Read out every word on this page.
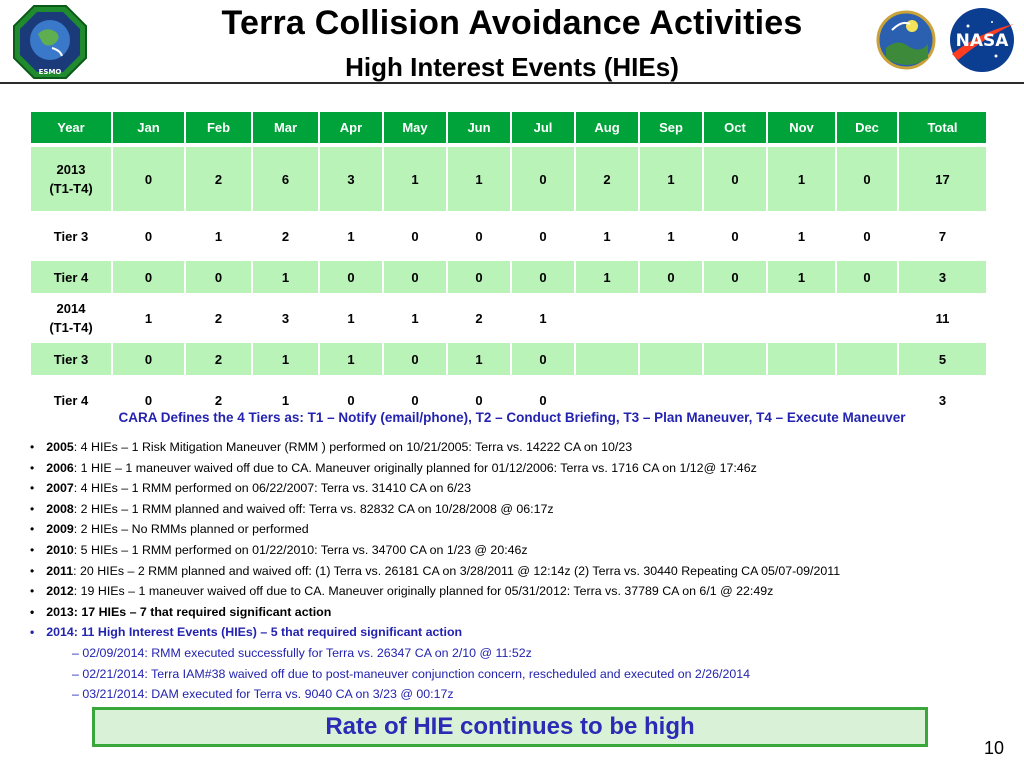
ESMO
Terra Collision Avoidance Activities
High Interest Events (HIEs)
NASA
Year	Jan	Feb	Mar	Apr	May	Jun	Jul	Aug	Sep	Oct	Nov	Dec	Total

2013
(T1-T4)	0	2	6	3	1	1	0	2	1	0	1	0	17

Tier 3	0	1	2	1	0	0	0	1	1	0	1	0	7

Tier 4	0	0	1	0	0	0	0	1	0	0	1	0	3

2014
(T1-T4)	1	2	3	1	1	2	1						11

Tier 3	0	2	1	1	0	1	0						5

Tier 4	0	2	1	0	0	0	0						3

CARA Defines the 4 Tiers as: T1 – Notify (email/phone), T2 – Conduct Briefing, T3 – Plan Maneuver, T4 – Execute Maneuver
• 2005: 4 HIEs – 1 Risk Mitigation Maneuver (RMM ) performed on 10/21/2005: Terra vs. 14222 CA on 10/23
• 2006: 1 HIE – 1 maneuver waived off due to CA. Maneuver originally planned for 01/12/2006: Terra vs. 1716 CA on 1/12@ 17:46z
• 2007: 4 HIEs – 1 RMM performed on 06/22/2007: Terra vs. 31410 CA on 6/23
• 2008: 2 HIEs – 1 RMM planned and waived off: Terra vs. 82832 CA on 10/28/2008 @ 06:17z
• 2009: 2 HIEs – No RMMs planned or performed
• 2010: 5 HIEs – 1 RMM performed on 01/22/2010: Terra vs. 34700 CA on 1/23 @ 20:46z
• 2011: 20 HIEs – 2 RMM planned and waived off: (1) Terra vs. 26181 CA on 3/28/2011 @ 12:14z (2) Terra vs. 30440 Repeating CA 05/07-09/2011
• 2012: 19 HIEs – 1 maneuver waived off due to CA. Maneuver originally planned for 05/31/2012: Terra vs. 37789 CA on 6/1 @ 22:49z
• 2013: 17 HIEs – 7 that required significant action
• 2014: 11 High Interest Events (HIEs) – 5 that required significant action
– 02/09/2014: RMM executed successfully for Terra vs. 26347 CA on 2/10 @ 11:52z
– 02/21/2014: Terra IAM#38 waived off due to post-maneuver conjunction concern, rescheduled and executed on 2/26/2014
– 03/21/2014: DAM executed for Terra vs. 9040 CA on 3/23 @ 00:17z
Rate of HIE continues to be high
10
